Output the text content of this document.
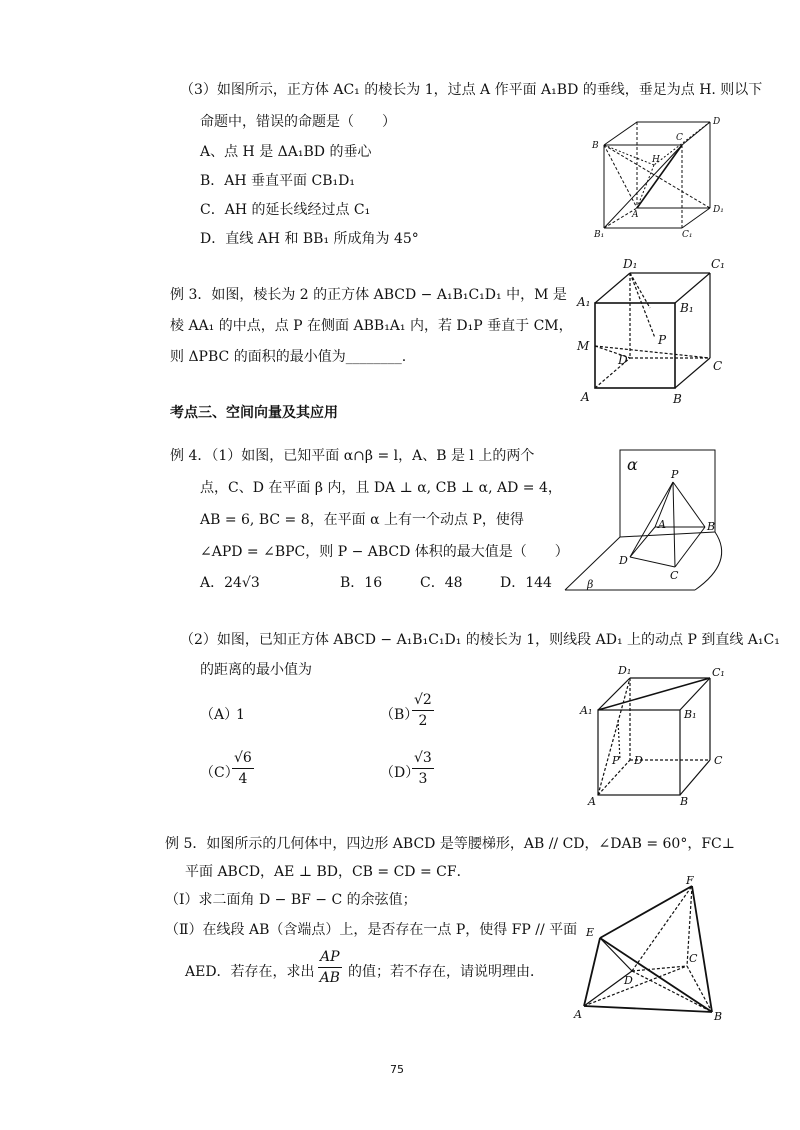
（3）如图所示，正方体 AC₁ 的棱长为 1，过点 A 作平面 A₁BD 的垂线，垂足为点 H. 则以下
命题中，错误的命题是（　　）
A、点 H 是 ΔA₁BD 的垂心
B．AH 垂直平面 CB₁D₁
C．AH 的延长线经过点 C₁
D．直线 AH 和 BB₁ 所成角为 45°
B
C
D
H
A	D₁
B₁	C₁
例 3．如图，棱长为 2 的正方体 ABCD − A₁B₁C₁D₁ 中，M 是
棱 AA₁ 的中点，点 P 在侧面 ABB₁A₁ 内，若 D₁P 垂直于 CM，
则 ΔPBC 的面积的最小值为________.
D₁	C₁
A₁	B₁
M
D
P
C
A	B
考点三、空间向量及其应用
例 4．（1）如图，已知平面 α∩β = l，A、B 是 l 上的两个
点，C、D 在平面 β 内，且 DA ⊥ α, CB ⊥ α, AD = 4，
AB = 6, BC = 8，在平面 α 上有一个动点 P，使得
∠APD = ∠BPC，则 P − ABCD 体积的最大值是（　　）
A．24√3	B．16	C．48	D．144
α
P
A	B
D
C
β
（2）如图，已知正方体 ABCD − A₁B₁C₁D₁ 的棱长为 1，则线段 AD₁ 上的动点 P 到直线 A₁C₁
的距离的最小值为
（A）
1	（B）
$\frac{√2}{2}$
（C）
$\frac{√6}{4}$	（D）
$\frac{√3}{3}$
D₁	C₁
A₁	B₁
P D	C
A	B
例 5．如图所示的几何体中，四边形 ABCD 是等腰梯形，AB // CD，∠DAB = 60°，FC⊥
平面 ABCD，AE ⊥ BD，CB = CD = CF．
（Ⅰ）求二面角 D − BF − C 的余弦值；
（Ⅱ）在线段 AB（含端点）上，是否存在一点 P，使得 FP // 平面
AED．若存在，求出 $\frac{AP}{AB}$ 的值；若不存在，请说明理由．
F
E
C
D
A	B
75
